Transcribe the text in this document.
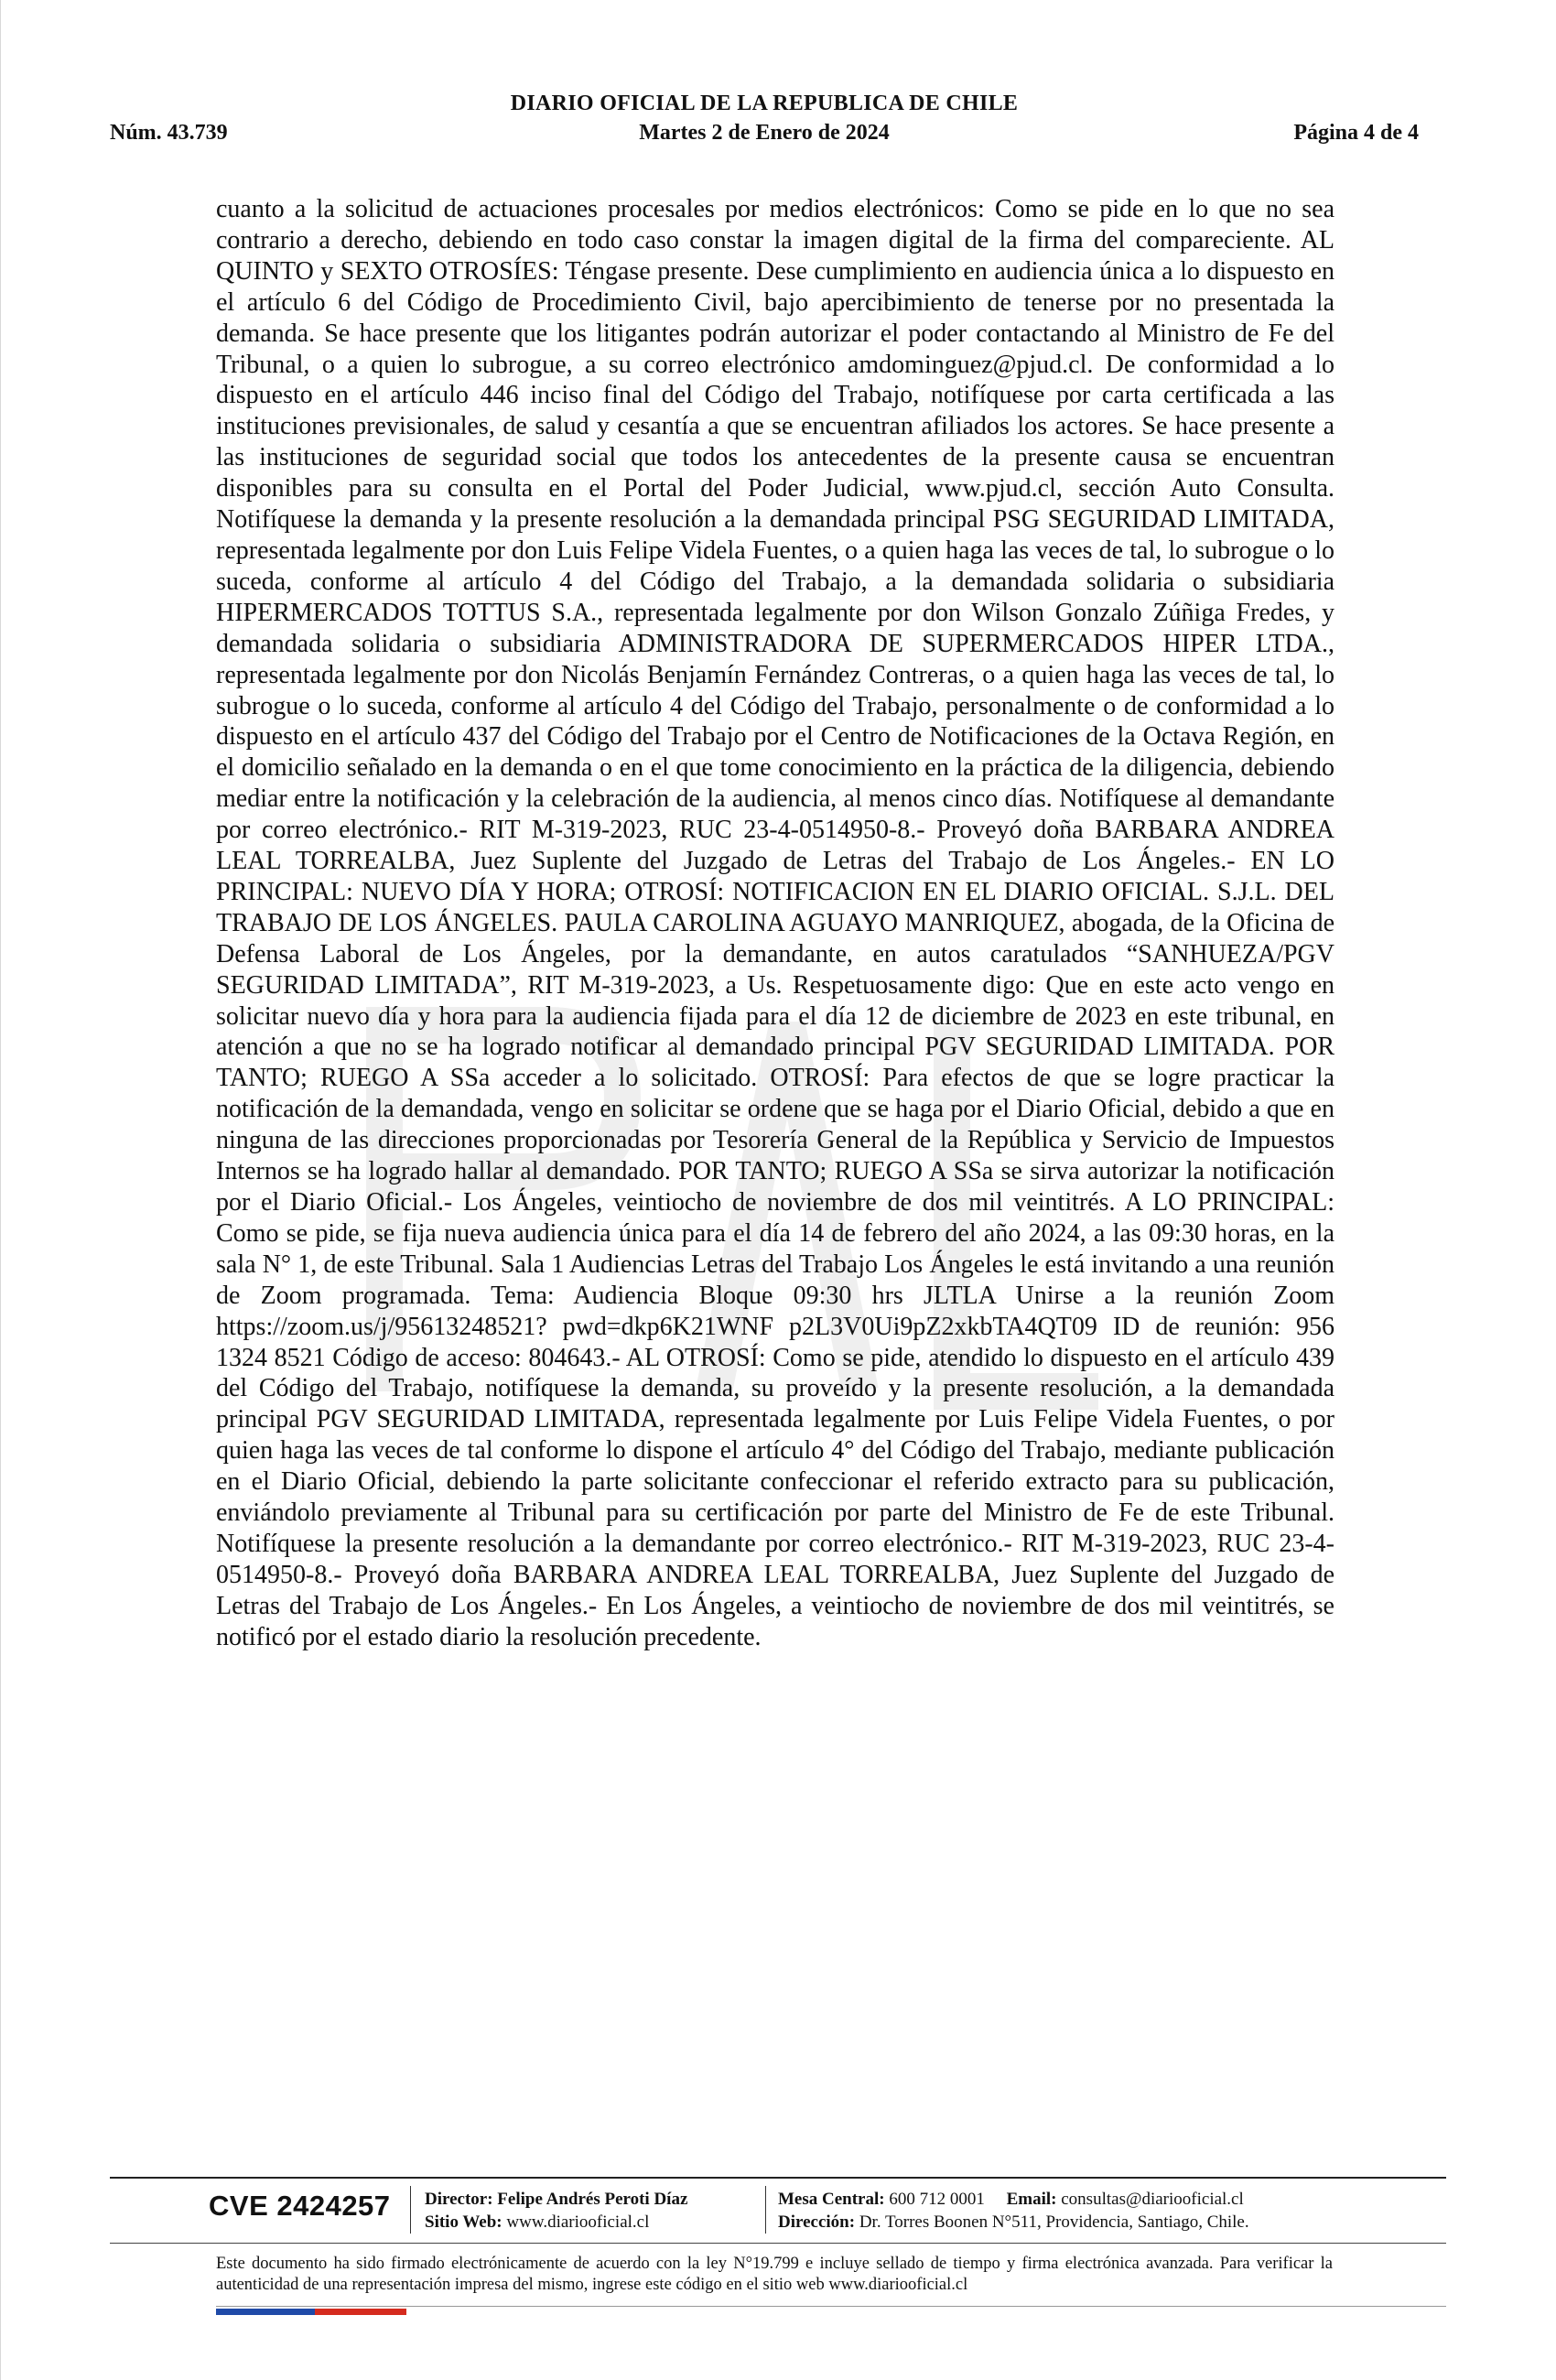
DIARIO OFICIAL DE LA REPUBLICA DE CHILE
Núm. 43.739	Martes 2 de Enero de 2024	Página 4 de 4

cuanto a la solicitud de actuaciones procesales por medios electrónicos: Como se pide en lo que no sea contrario a derecho, debiendo en todo caso constar la imagen digital de la firma del compareciente. AL QUINTO y SEXTO OTROSÍES: Téngase presente. Dese cumplimiento en audiencia única a lo dispuesto en el artículo 6 del Código de Procedimiento Civil, bajo apercibimiento de tenerse por no presentada la demanda. Se hace presente que los litigantes podrán autorizar el poder contactando al Ministro de Fe del Tribunal, o a quien lo subrogue, a su correo electrónico amdominguez@pjud.cl. De conformidad a lo dispuesto en el artículo 446 inciso final del Código del Trabajo, notifíquese por carta certificada a las instituciones previsionales, de salud y cesantía a que se encuentran afiliados los actores. Se hace presente a las instituciones de seguridad social que todos los antecedentes de la presente causa se encuentran disponibles para su consulta en el Portal del Poder Judicial, www.pjud.cl, sección Auto Consulta. Notifíquese la demanda y la presente resolución a la demandada principal PSG SEGURIDAD LIMITADA, representada legalmente por don Luis Felipe Videla Fuentes, o a quien haga las veces de tal, lo subrogue o lo suceda, conforme al artículo 4 del Código del Trabajo, a la demandada solidaria o subsidiaria HIPERMERCADOS TOTTUS S.A., representada legalmente por don Wilson Gonzalo Zúñiga Fredes, y demandada solidaria o subsidiaria ADMINISTRADORA DE SUPERMERCADOS HIPER LTDA., representada legalmente por don Nicolás Benjamín Fernández Contreras, o a quien haga las veces de tal, lo subrogue o lo suceda, conforme al artículo 4 del Código del Trabajo, personalmente o de conformidad a lo dispuesto en el artículo 437 del Código del Trabajo por el Centro de Notificaciones de la Octava Región, en el domicilio señalado en la demanda o en el que tome conocimiento en la práctica de la diligencia, debiendo mediar entre la notificación y la celebración de la audiencia, al menos cinco días. Notifíquese al demandante por correo electrónico.- RIT M-319-2023, RUC 23-4-0514950-8.- Proveyó doña BARBARA ANDREA LEAL TORREALBA, Juez Suplente del Juzgado de Letras del Trabajo de Los Ángeles.- EN LO PRINCIPAL: NUEVO DÍA Y HORA; OTROSÍ: NOTIFICACION EN EL DIARIO OFICIAL. S.J.L. DEL TRABAJO DE LOS ÁNGELES. PAULA CAROLINA AGUAYO MANRIQUEZ, abogada, de la Oficina de Defensa Laboral de Los Ángeles, por la demandante, en autos caratulados “SANHUEZA/PGV SEGURIDAD LIMITADA”, RIT M-319-2023, a Us. Respetuosamente digo: Que en este acto vengo en solicitar nuevo día y hora para la audiencia fijada para el día 12 de diciembre de 2023 en este tribunal, en atención a que no se ha logrado notificar al demandado principal PGV SEGURIDAD LIMITADA. POR TANTO; RUEGO A SSa acceder a lo solicitado. OTROSÍ: Para efectos de que se logre practicar la notificación de la demandada, vengo en solicitar se ordene que se haga por el Diario Oficial, debido a que en ninguna de las direcciones proporcionadas por Tesorería General de la República y Servicio de Impuestos Internos se ha logrado hallar al demandado. POR TANTO; RUEGO A SSa se sirva autorizar la notificación por el Diario Oficial.- Los Ángeles, veintiocho de noviembre de dos mil veintitrés. A LO PRINCIPAL: Como se pide, se fija nueva audiencia única para el día 14 de febrero del año 2024, a las 09:30 horas, en la sala N° 1, de este Tribunal. Sala 1 Audiencias Letras del Trabajo Los Ángeles le está invitando a una reunión de Zoom programada. Tema: Audiencia Bloque 09:30 hrs JLTLA Unirse a la reunión Zoom https://zoom.us/j/95613248521? pwd=dkp6K21WNF p2L3V0Ui9pZ2xkbTA4QT09 ID de reunión: 956 1324 8521 Código de acceso: 804643.- AL OTROSÍ: Como se pide, atendido lo dispuesto en el artículo 439 del Código del Trabajo, notifíquese la demanda, su proveído y la presente resolución, a la demandada principal PGV SEGURIDAD LIMITADA, representada legalmente por Luis Felipe Videla Fuentes, o por quien haga las veces de tal conforme lo dispone el artículo 4° del Código del Trabajo, mediante publicación en el Diario Oficial, debiendo la parte solicitante confeccionar el referido extracto para su publicación, enviándolo previamente al Tribunal para su certificación por parte del Ministro de Fe de este Tribunal. Notifíquese la presente resolución a la demandante por correo electrónico.- RIT M-319-2023, RUC 23-4-0514950-8.- Proveyó doña BARBARA ANDREA LEAL TORREALBA, Juez Suplente del Juzgado de Letras del Trabajo de Los Ángeles.- En Los Ángeles, a veintiocho de noviembre de dos mil veintitrés, se notificó por el estado diario la resolución precedente.

CVE 2424257 Director: Felipe Andrés Peroti Díaz
Sitio Web: www.diariooficial.cl
Mesa Central: 600 712 0001 Email: consultas@diariooficial.cl
Dirección: Dr. Torres Boonen N°511, Providencia, Santiago, Chile.
Este documento ha sido firmado electrónicamente de acuerdo con la ley N°19.799 e incluye sellado de tiempo y firma electrónica avanzada. Para verificar la autenticidad de una representación impresa del mismo, ingrese este código en el sitio web www.diariooficial.cl
